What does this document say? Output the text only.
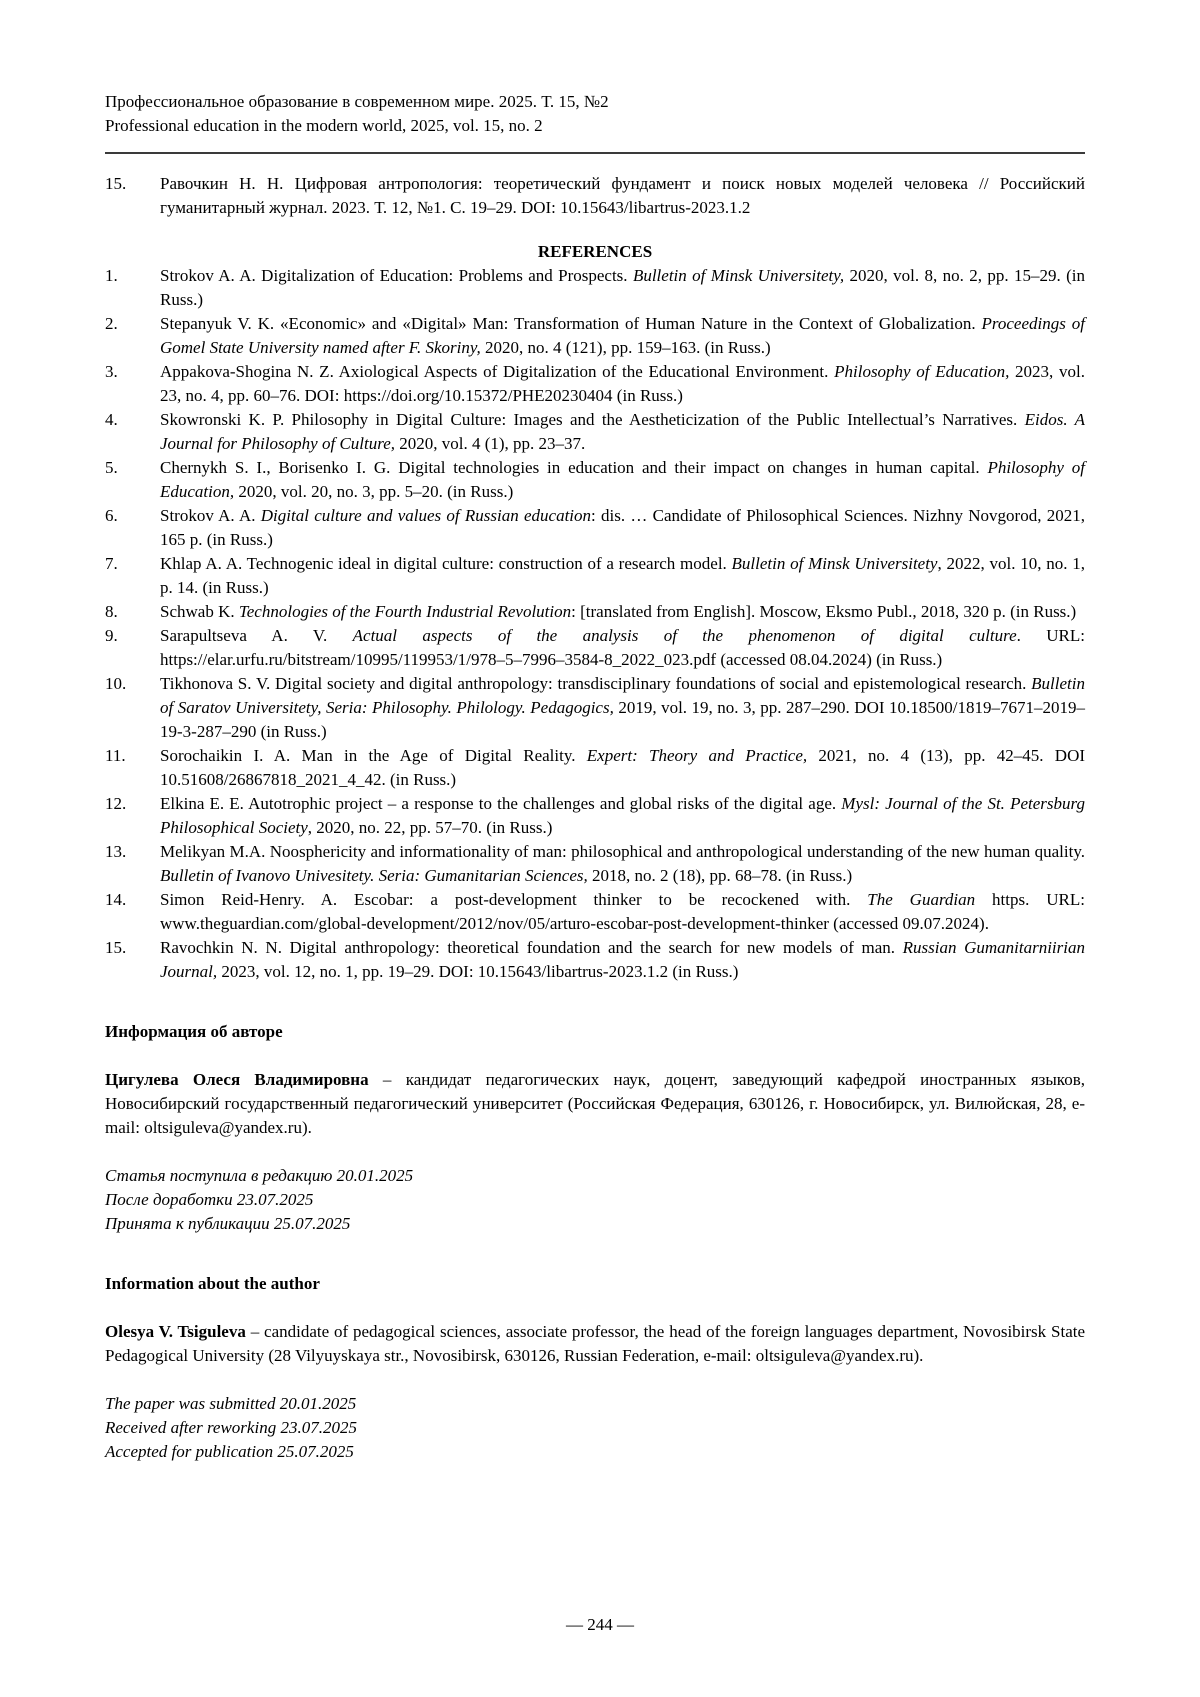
Профессиональное образование в современном мире. 2025. Т. 15, №2
Professional education in the modern world, 2025, vol. 15, no. 2
15.	Равочкин Н. Н. Цифровая антропология: теоретический фундамент и поиск новых моделей человека // Российский гуманитарный журнал. 2023. Т. 12, №1. С. 19–29. DOI: 10.15643/libartrus-2023.1.2
REFERENCES
1.	Strokov A. A. Digitalization of Education: Problems and Prospects. Bulletin of Minsk Universitety, 2020, vol. 8, no. 2, pp. 15–29. (in Russ.)
2.	Stepanyuk V. K. «Economic» and «Digital» Man: Transformation of Human Nature in the Context of Globalization. Proceedings of Gomel State University named after F. Skoriny, 2020, no. 4 (121), pp. 159–163. (in Russ.)
3.	Appakova-Shogina N. Z. Axiological Aspects of Digitalization of the Educational Environment. Philosophy of Education, 2023, vol. 23, no. 4, pp. 60–76. DOI: https://doi.org/10.15372/PHE20230404 (in Russ.)
4.	Skowronski K. P. Philosophy in Digital Culture: Images and the Aestheticization of the Public Intellectual’s Narratives. Eidos. A Journal for Philosophy of Culture, 2020, vol. 4 (1), pp. 23–37.
5.	Chernykh S. I., Borisenko I. G. Digital technologies in education and their impact on changes in human capital. Philosophy of Education, 2020, vol. 20, no. 3, pp. 5–20. (in Russ.)
6.	Strokov A. A. Digital culture and values of Russian education: dis. … Candidate of Philosophical Sciences. Nizhny Novgorod, 2021, 165 p. (in Russ.)
7.	Khlap A. A. Technogenic ideal in digital culture: construction of a research model. Bulletin of Minsk Universitety, 2022, vol. 10, no. 1, p. 14. (in Russ.)
8.	Schwab K. Technologies of the Fourth Industrial Revolution: [translated from English]. Moscow, Eksmo Publ., 2018, 320 p. (in Russ.)
9.	Sarapultseva A. V. Actual aspects of the analysis of the phenomenon of digital culture. URL: https://elar.urfu.ru/bitstream/10995/119953/1/978–5–7996–3584-8_2022_023.pdf (accessed 08.04.2024) (in Russ.)
10.	Tikhonova S. V. Digital society and digital anthropology: transdisciplinary foundations of social and epistemological research. Bulletin of Saratov Universitety, Seria: Philosophy. Philology. Pedagogics, 2019, vol. 19, no. 3, pp. 287–290. DOI 10.18500/1819–7671–2019–19-3-287–290 (in Russ.)
11.	Sorochaikin I. A. Man in the Age of Digital Reality. Expert: Theory and Practice, 2021, no. 4 (13), pp. 42–45. DOI 10.51608/26867818_2021_4_42. (in Russ.)
12.	Elkina E. E. Autotrophic project – a response to the challenges and global risks of the digital age. Mysl: Journal of the St. Petersburg Philosophical Society, 2020, no. 22, pp. 57–70. (in Russ.)
13.	Melikyan M.A. Noosphericity and informationality of man: philosophical and anthropological understanding of the new human quality. Bulletin of Ivanovo Univesitety. Seria: Gumanitarian Sciences, 2018, no. 2 (18), pp. 68–78. (in Russ.)
14.	Simon Reid-Henry. A. Escobar: a post-development thinker to be recockened with. The Guardian https. URL: www.theguardian.com/global-development/2012/nov/05/arturo-escobar-post-development-thinker (accessed 09.07.2024).
15.	Ravochkin N. N. Digital anthropology: theoretical foundation and the search for new models of man. Russian Gumanitarniirian Journal, 2023, vol. 12, no. 1, pp. 19–29. DOI: 10.15643/libartrus-2023.1.2 (in Russ.)
Информация об авторе
Цигулева Олеся Владимировна – кандидат педагогических наук, доцент, заведующий кафедрой иностранных языков, Новосибирский государственный педагогический университет (Российская Федерация, 630126, г. Новосибирск, ул. Вилюйская, 28, e-mail: oltsiguleva@yandex.ru).
Статья поступила в редакцию 20.01.2025
После доработки 23.07.2025
Принята к публикации 25.07.2025
Information about the author
Olesya V. Tsiguleva – candidate of pedagogical sciences, associate professor, the head of the foreign languages department, Novosibirsk State Pedagogical University (28 Vilyuyskaya str., Novosibirsk, 630126, Russian Federation, e-mail: oltsiguleva@yandex.ru).
The paper was submitted 20.01.2025
Received after reworking 23.07.2025
Accepted for publication 25.07.2025
— 244 —
